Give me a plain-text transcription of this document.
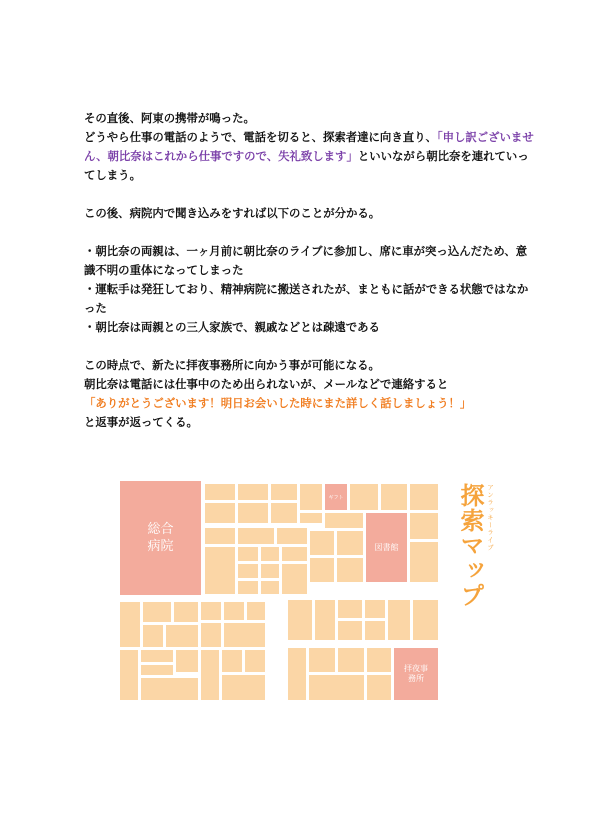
その直後、阿東の携帯が鳴った。

どうやら仕事の電話のようで、電話を切ると、探索者達に向き直り、「申し訳ございません、朝比奈はこれから仕事ですので、失礼致します」といいながら朝比奈を連れていってしまう。

この後、病院内で聞き込みをすれば以下のことが分かる。

・朝比奈の両親は、一ヶ月前に朝比奈のライブに参加し、席に車が突っ込んだため、意識不明の重体になってしまった

・運転手は発狂しており、精神病院に搬送されたが、まともに話ができる状態ではなかった

・朝比奈は両親との三人家族で、親戚などとは疎遠である

この時点で、新たに拝夜事務所に向かう事が可能になる。

朝比奈は電話には仕事中のため出られないが、メールなどで連絡すると

「ありがとうございます！明日お会いした時にまた詳しく話しましょう！」

と返事が返ってくる。

総合病院
ギフト
図書館
拝夜事務所
探索マップ アンラッキーライブ
